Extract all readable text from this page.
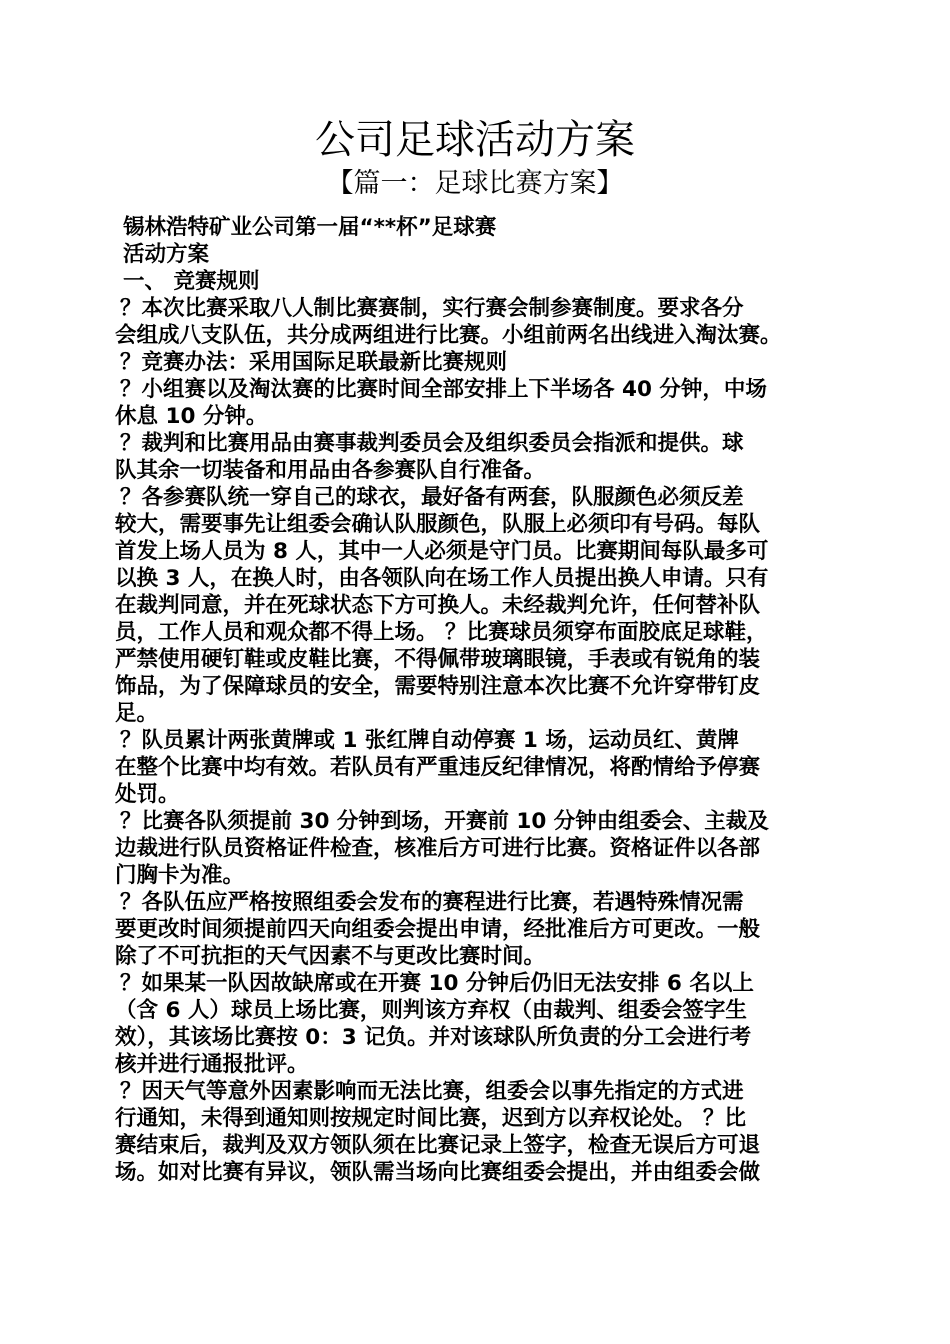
公司足球活动方案
【篇一：足球比赛方案】

锡林浩特矿业公司第一届“**杯”足球赛

活动方案

一、 竞赛规则

？本次比赛采取八人制比赛赛制，实行赛会制参赛制度。要求各分

会组成八支队伍，共分成两组进行比赛。小组前两名出线进入淘汰赛。

？竞赛办法：采用国际足联最新比赛规则

？小组赛以及淘汰赛的比赛时间全部安排上下半场各 40 分钟，中场

休息 10 分钟。

？裁判和比赛用品由赛事裁判委员会及组织委员会指派和提供。球

队其余一切装备和用品由各参赛队自行准备。

？各参赛队统一穿自己的球衣，最好备有两套，队服颜色必须反差

较大，需要事先让组委会确认队服颜色，队服上必须印有号码。每队

首发上场人员为 8 人，其中一人必须是守门员。比赛期间每队最多可

以换 3 人，在换人时，由各领队向在场工作人员提出换人申请。只有

在裁判同意，并在死球状态下方可换人。未经裁判允许，任何替补队

员，工作人员和观众都不得上场。 ？比赛球员须穿布面胶底足球鞋，

严禁使用硬钉鞋或皮鞋比赛，不得佩带玻璃眼镜，手表或有锐角的装

饰品，为了保障球员的安全，需要特别注意本次比赛不允许穿带钉皮

足。

？队员累计两张黄牌或 1 张红牌自动停赛 1 场，运动员红、黄牌

在整个比赛中均有效。若队员有严重违反纪律情况，将酌情给予停赛

处罚。

？比赛各队须提前 30 分钟到场，开赛前 10 分钟由组委会、主裁及

边裁进行队员资格证件检查，核准后方可进行比赛。资格证件以各部

门胸卡为准。

？各队伍应严格按照组委会发布的赛程进行比赛，若遇特殊情况需

要更改时间须提前四天向组委会提出申请，经批准后方可更改。一般

除了不可抗拒的天气因素不与更改比赛时间。

？如果某一队因故缺席或在开赛 10 分钟后仍旧无法安排 6 名以上

（含 6 人）球员上场比赛，则判该方弃权（由裁判、组委会签字生

效），其该场比赛按 0：3 记负。并对该球队所负责的分工会进行考

核并进行通报批评。

？因天气等意外因素影响而无法比赛，组委会以事先指定的方式进

行通知，未得到通知则按规定时间比赛，迟到方以弃权论处。 ？比

赛结束后，裁判及双方领队须在比赛记录上签字，检查无误后方可退

场。如对比赛有异议，领队需当场向比赛组委会提出，并由组委会做
